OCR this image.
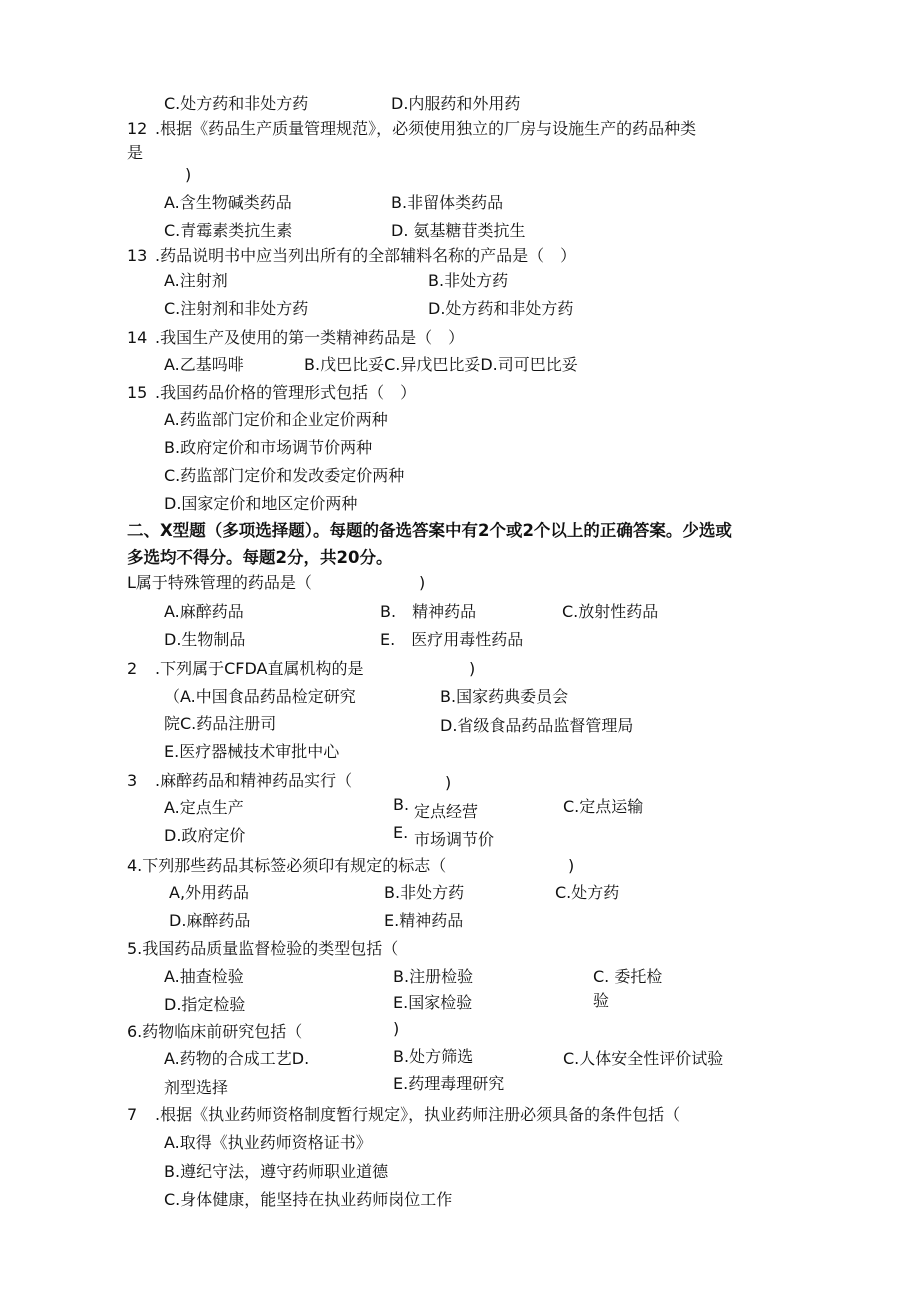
C.处方药和非处方药	D.内服药和外用药
12 .根据《药品生产质量管理规范》，必须使用独立的厂房与设施生产的药品种类
是
)
A.含生物碱类药品	B.非留体类药品
C.青霉素类抗生素	D. 氨基糖苷类抗生
13 .药品说明书中应当列出所有的全部辅料名称的产品是（　）
A.注射剂	B.非处方药
C.注射剂和非处方药	D.处方药和非处方药
14 .我国生产及使用的第一类精神药品是（　）
A.乙基吗啡	B.戊巴比妥C.异戊巴比妥D.司可巴比妥
15 .我国药品价格的管理形式包括（　）
A.药监部门定价和企业定价两种
B.政府定价和市场调节价两种
C.药监部门定价和发改委定价两种
D.国家定价和地区定价两种
二、X型题（多项选择题）。每题的备选答案中有2个或2个以上的正确答案。少选或
多选均不得分。每题2分，共20分。
L属于特殊管理的药品是（	)
A.麻醉药品	B.　精神药品	C.放射性药品
D.生物制品	E.　医疗用毒性药品
2 .下列属于CFDA直属机构的是	)
（A.中国食品药品检定研究	B.国家药典委员会
院C.药品注册司	D.省级食品药品监督管理局
E.医疗器械技术审批中心
3 .麻醉药品和精神药品实行（	)
A.定点生产	B. 定点经营	C.定点运输
D.政府定价	E. 市场调节价
4.下列那些药品其标签必须印有规定的标志（	)
A,外用药品	B.非处方药	C.处方药
D.麻醉药品	E.精神药品
5.我国药品质量监督检验的类型包括（
A.抽查检验	B.注册检验	C. 委托检
D.指定检验	E.国家检验	验
6.药物临床前研究包括（	)
A.药物的合成工艺D.	B.处方筛选	C.人体安全性评价试验
剂型选择	E.药理毒理研究
7 .根据《执业药师资格制度暂行规定》，执业药师注册必须具备的条件包括（
A.取得《执业药师资格证书》
B.遵纪守法，遵守药师职业道德
C.身体健康，能坚持在执业药师岗位工作
